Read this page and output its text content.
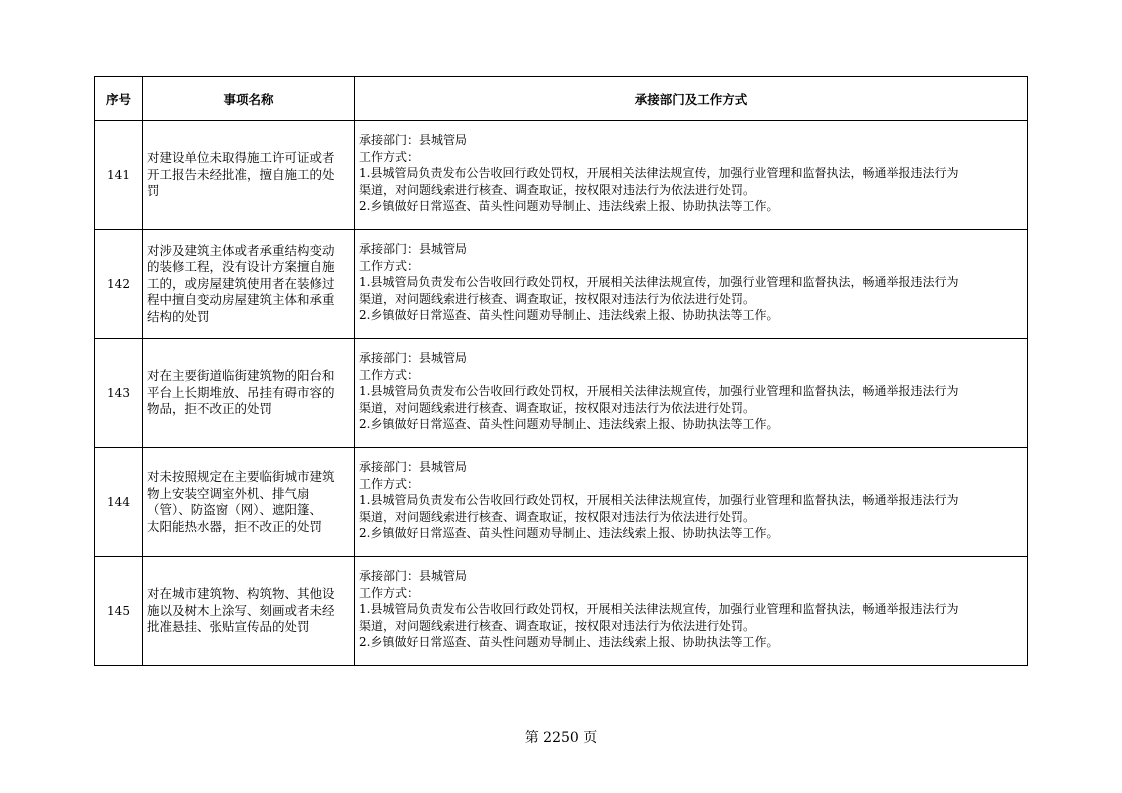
序号	事项名称	承接部门及工作方式
141	对建设单位未取得施工许可证或者
开工报告未经批准，擅自施工的处
罚	承接部门：县城管局
工作方式：
1.县城管局负责发布公告收回行政处罚权，开展相关法律法规宣传，加强行业管理和监督执法，畅通举报违法行为
渠道，对问题线索进行核查、调查取证，按权限对违法行为依法进行处罚。
2.乡镇做好日常巡查、苗头性问题劝导制止、违法线索上报、协助执法等工作。

142	对涉及建筑主体或者承重结构变动
的装修工程，没有设计方案擅自施
工的，或房屋建筑使用者在装修过
程中擅自变动房屋建筑主体和承重
结构的处罚	承接部门：县城管局
工作方式：
1.县城管局负责发布公告收回行政处罚权，开展相关法律法规宣传，加强行业管理和监督执法，畅通举报违法行为
渠道，对问题线索进行核查、调查取证，按权限对违法行为依法进行处罚。
2.乡镇做好日常巡查、苗头性问题劝导制止、违法线索上报、协助执法等工作。

143	对在主要街道临街建筑物的阳台和
平台上长期堆放、吊挂有碍市容的
物品，拒不改正的处罚	承接部门：县城管局
工作方式：
1.县城管局负责发布公告收回行政处罚权，开展相关法律法规宣传，加强行业管理和监督执法，畅通举报违法行为
渠道，对问题线索进行核查、调查取证，按权限对违法行为依法进行处罚。
2.乡镇做好日常巡查、苗头性问题劝导制止、违法线索上报、协助执法等工作。

144	对未按照规定在主要临街城市建筑
物上安装空调室外机、排气扇
（管）、防盗窗（网）、遮阳篷、
太阳能热水器，拒不改正的处罚	承接部门：县城管局
工作方式：
1.县城管局负责发布公告收回行政处罚权，开展相关法律法规宣传，加强行业管理和监督执法，畅通举报违法行为
渠道，对问题线索进行核查、调查取证，按权限对违法行为依法进行处罚。
2.乡镇做好日常巡查、苗头性问题劝导制止、违法线索上报、协助执法等工作。

145	对在城市建筑物、构筑物、其他设
施以及树木上涂写、刻画或者未经
批准悬挂、张贴宣传品的处罚	承接部门：县城管局
工作方式：
1.县城管局负责发布公告收回行政处罚权，开展相关法律法规宣传，加强行业管理和监督执法，畅通举报违法行为
渠道，对问题线索进行核查、调查取证，按权限对违法行为依法进行处罚。
2.乡镇做好日常巡查、苗头性问题劝导制止、违法线索上报、协助执法等工作。
第 2250 页
